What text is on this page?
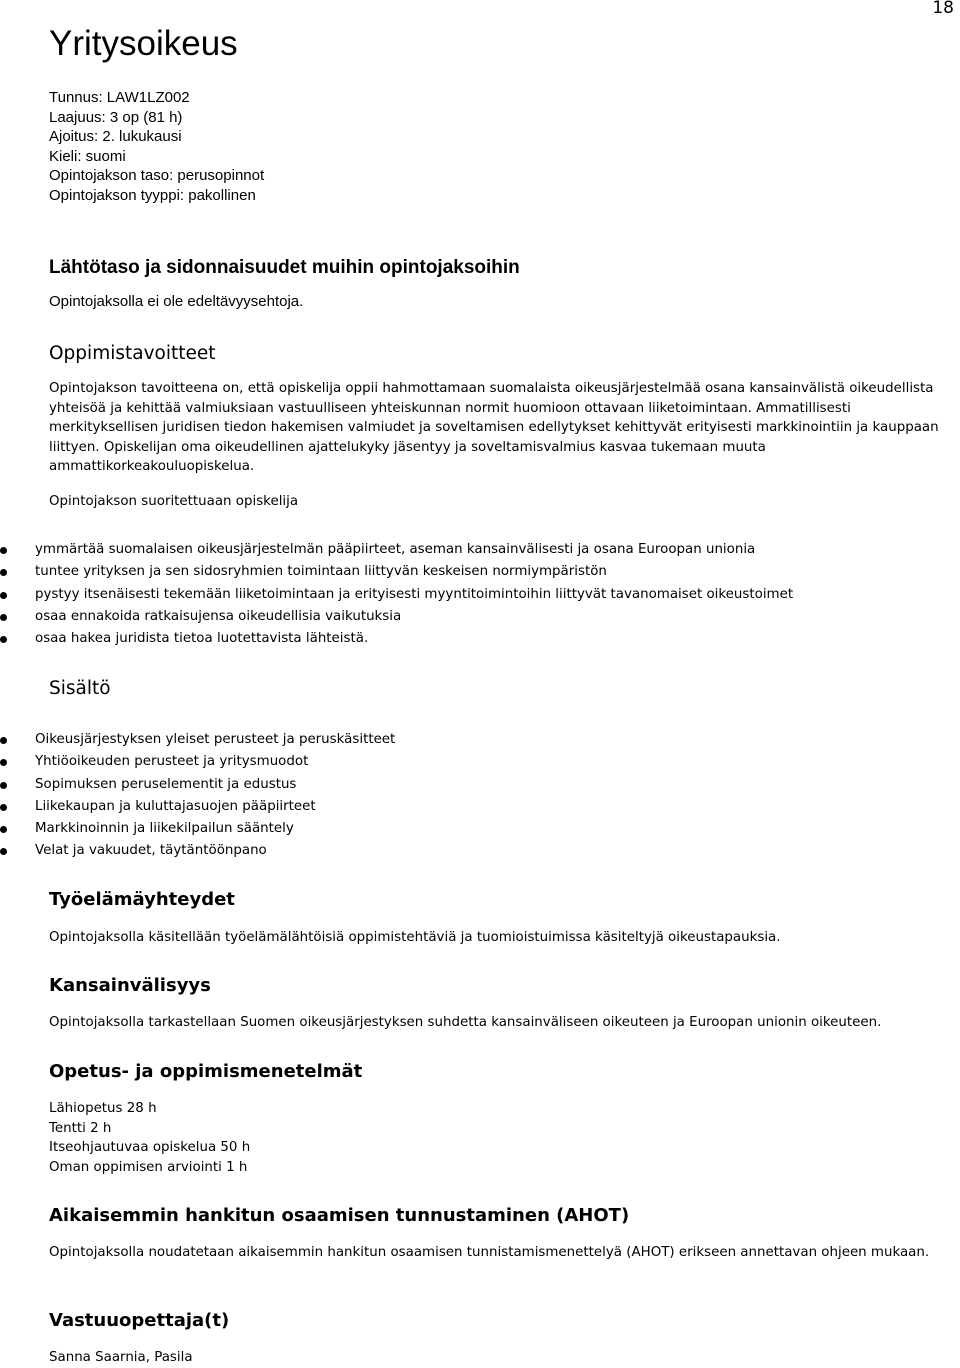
18
Yritysoikeus
Tunnus: LAW1LZ002
Laajuus: 3 op (81 h)
Ajoitus: 2. lukukausi
Kieli: suomi
Opintojakson taso: perusopinnot
Opintojakson tyyppi: pakollinen
Lähtötaso ja sidonnaisuudet muihin opintojaksoihin
Opintojaksolla ei ole edeltävyysehtoja.
Oppimistavoitteet
Opintojakson tavoitteena on, että opiskelija oppii hahmottamaan suomalaista oikeusjärjestelmää osana kansainvälistä oikeudellista yhteisöä ja kehittää valmiuksiaan vastuulliseen yhteiskunnan normit huomioon ottavaan liiketoimintaan. Ammatillisesti merkityksellisen juridisen tiedon hakemisen valmiudet ja soveltamisen edellytykset kehittyvät erityisesti markkinointiin ja kauppaan liittyen. Opiskelijan oma oikeudellinen ajattelukyky jäsentyy ja soveltamisvalmius kasvaa tukemaan muuta ammattikorkeakouluopiskelua.
Opintojakson suoritettuaan opiskelija
ymmärtää suomalaisen oikeusjärjestelmän pääpiirteet, aseman kansainvälisesti ja osana Euroopan unionia
tuntee yrityksen ja sen sidosryhmien toimintaan liittyvän keskeisen normiympäristön
pystyy itsenäisesti tekemään liiketoimintaan ja erityisesti myyntitoimintoihin liittyvät tavanomaiset oikeustoimet
osaa ennakoida ratkaisujensa oikeudellisia vaikutuksia
osaa hakea juridista tietoa luotettavista lähteistä.
Sisältö
Oikeusjärjestyksen yleiset perusteet ja peruskäsitteet
Yhtiöoikeuden perusteet ja yritysmuodot
Sopimuksen peruselementit ja edustus
Liikekaupan ja kuluttajasuojen pääpiirteet
Markkinoinnin ja liikekilpailun sääntely
Velat ja vakuudet, täytäntöönpano
Työelämäyhteydet
Opintojaksolla käsitellään työelämälähtöisiä oppimistehtäviä ja tuomioistuimissa käsiteltyjä oikeustapauksia.
Kansainvälisyys
Opintojaksolla tarkastellaan Suomen oikeusjärjestyksen suhdetta kansainväliseen oikeuteen ja Euroopan unionin oikeuteen.
Opetus- ja oppimismenetelmät
Lähiopetus 28 h
Tentti 2 h
Itseohjautuvaa opiskelua 50 h
Oman oppimisen arviointi 1 h
Aikaisemmin hankitun osaamisen tunnustaminen (AHOT)
Opintojaksolla noudatetaan aikaisemmin hankitun osaamisen tunnistamismenettelyä (AHOT) erikseen annettavan ohjeen mukaan.
Vastuuopettaja(t)
Sanna Saarnia, Pasila
